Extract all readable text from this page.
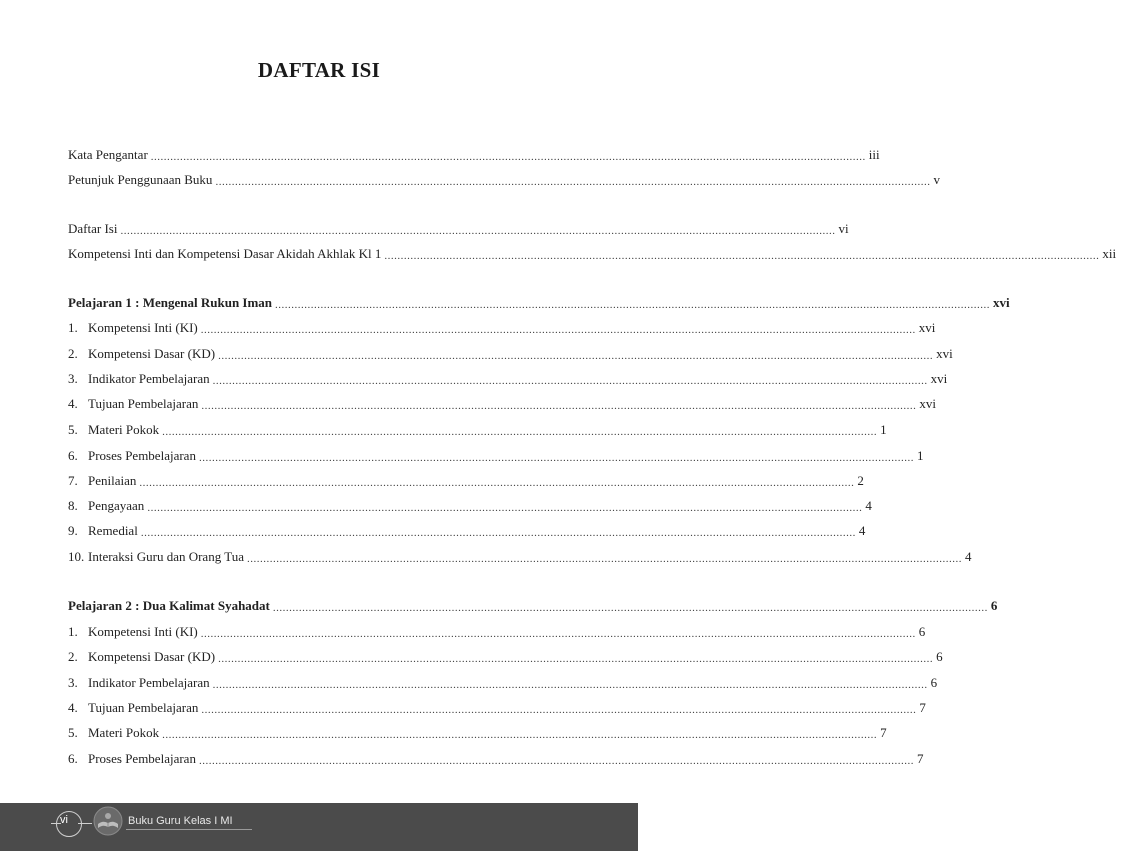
DAFTAR ISI
Kata Pengantar ............................................................................................................................................................................................................................ iii
Petunjuk Penggunaan Buku ............................................................................................................................................................................................................................ v
Daftar Isi ............................................................................................................................................................................................................................ vi
Kompetensi Inti dan Kompetensi Dasar Akidah Akhlak Kl 1 ............................................................................................................................................................................................................................ xii
Pelajaran 1 : Mengenal Rukun Iman ............................................................................................................................................................................................................................ xvi
1. Kompetensi Inti (KI) ............................................................................................................................................................................................................................ xvi
2. Kompetensi Dasar (KD) ............................................................................................................................................................................................................................ xvi
3. Indikator Pembelajaran ............................................................................................................................................................................................................................ xvi
4. Tujuan Pembelajaran ............................................................................................................................................................................................................................ xvi
5. Materi Pokok ............................................................................................................................................................................................................................ 1
6. Proses Pembelajaran ............................................................................................................................................................................................................................ 1
7. Penilaian ............................................................................................................................................................................................................................ 2
8. Pengayaan ............................................................................................................................................................................................................................ 4
9. Remedial ............................................................................................................................................................................................................................ 4
10. Interaksi Guru dan Orang Tua ............................................................................................................................................................................................................................ 4
Pelajaran 2 : Dua Kalimat Syahadat ............................................................................................................................................................................................................................ 6
1. Kompetensi Inti (KI) ............................................................................................................................................................................................................................ 6
2. Kompetensi Dasar (KD) ............................................................................................................................................................................................................................ 6
3. Indikator Pembelajaran ............................................................................................................................................................................................................................ 6
4. Tujuan Pembelajaran ............................................................................................................................................................................................................................ 7
5. Materi Pokok ............................................................................................................................................................................................................................ 7
6. Proses Pembelajaran ............................................................................................................................................................................................................................ 7
vi	Buku Guru Kelas I MI
